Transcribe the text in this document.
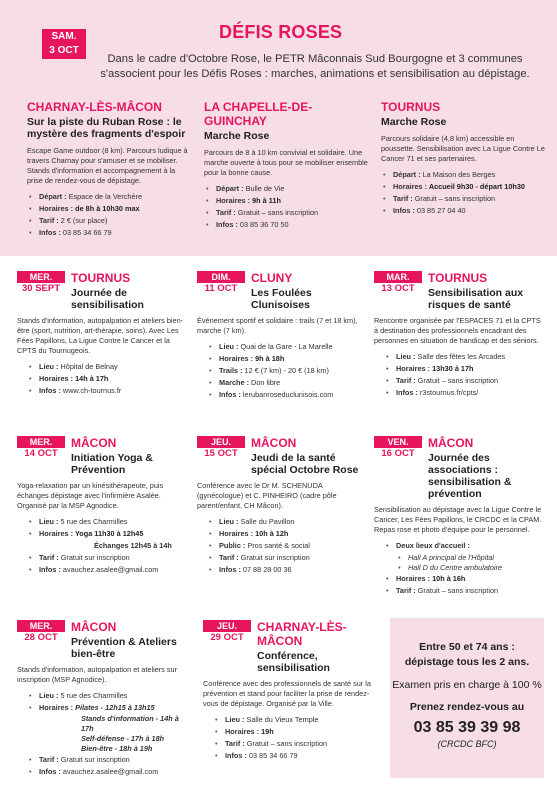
SAM.
3 OCT
DÉFIS ROSES
Dans le cadre d'Octobre Rose, le PETR Mâconnais Sud Bourgogne et 3 communes s'associent pour les Défis Roses : marches, animations et sensibilisation au dépistage.
CHARNAY-LÈS-MÂCON
Sur la piste du Ruban Rose : le mystère des fragments d'espoir
Escape Game outdoor (8 km). Parcours ludique à travers Charnay pour s'amuser et se mobiliser. Stands d'information et accompagnement à la prise de rendez-vous de dépistage.
• Départ : Espace de la Verchère
• Horaires : de 8h à 10h30 max
• Tarif : 2 € (sur place)
• Infos : 03 85 34 66 79
LA CHAPELLE-DE-GUINCHAY
Marche Rose
Parcours de 8 à 10 km convivial et solidaire. Une marche ouverte à tous pour se mobiliser ensemble pour la bonne cause.
• Départ : Bulle de Vie
• Horaires : 9h à 11h
• Tarif : Gratuit – sans inscription
• Infos : 03 85 36 70 50
TOURNUS
Marche Rose
Parcours solidaire (4,8 km) accessible en poussette. Sensibilisation avec La Ligue Contre Le Cancer 71 et ses partenaires.
• Départ : La Maison des Berges
• Horaires : Accueil 9h30 - départ 10h30
• Tarif : Gratuit – sans inscription
• Infos : 03 85 27 04 40
MER.
30 SEPT
TOURNUS
Journée de sensibilisation
Stands d'information, autopalpation et ateliers bien-être (sport, nutrition, art-thérapie, soins). Avec Les Fées Papillons, La Ligue Contre le Cancer et la CPTS du Tournugeois.
• Lieu : Hôpital de Belnay
• Horaires : 14h à 17h
• Infos : www.ch-tournus.fr
DIM.
11 OCT
CLUNY
Les Foulées Clunisoises
Événement sportif et solidaire : trails (7 et 18 km), marche (7 km).
• Lieu : Quai de la Gare - La Marelle
• Horaires : 9h à 18h
• Trails : 12 € (7 km) - 20 € (18 km)
• Marche : Don libre
• Infos : lerubanroseduclunisois.com
MAR.
13 OCT
TOURNUS
Sensibilisation aux risques de santé
Rencontre organisée par l'ESPACES 71 et la CPTS à destination des professionnels encadrant des personnes en situation de handicap et des séniors.
• Lieu : Salle des fêtes les Arcades
• Horaires : 13h30 à 17h
• Tarif : Gratuit – sans inscription
• Infos : r3stournus.fr/cpts/
MER.
14 OCT
MÂCON
Initiation Yoga & Prévention
Yoga-relaxation par un kinésithérapeute, puis échanges dépistage avec l'infirmière Asalée. Organisé par la MSP Agnodice.
• Lieu : 5 rue des Charmilles
• Horaires : Yoga 11h30 à 12h45
Échanges 12h45 à 14h
• Tarif : Gratuit sur inscription
• Infos : avauchez.asalee@gmail.com
JEU.
15 OCT
MÂCON
Jeudi de la santé spécial Octobre Rose
Conférence avec le Dr M. SCHENUDA (gynécologue) et C. PINHEIRO (cadre pôle parent/enfant, CH Mâcon).
• Lieu : Salle du Pavillon
• Horaires : 10h à 12h
• Public : Pros santé & social
• Tarif : Gratuit sur inscription
• Infos : 07 88 28 00 36
VEN.
16 OCT
MÂCON
Journée des associations : sensibilisation & prévention
Sensibilisation au dépistage avec la Ligue Contre le Cancer, Les Fées Papillons, le CRCDC et la CPAM. Repas rose et photo d'équipe pour le personnel.
• Deux lieux d'accueil :
• Hall A principal de l'Hôpital
• Hall D du Centre ambulatoire
• Horaires : 10h à 16h
• Tarif : Gratuit – sans inscription
MER.
28 OCT
MÂCON
Prévention & Ateliers bien-être
Stands d'information, autopalpation et ateliers sur inscription (MSP Agnodice).
• Lieu : 5 rue des Charmilles
• Horaires : Pilates - 12h15 à 13h15
Stands d'information - 14h à 17h
Self-défense - 17h à 18h
Bien-être - 18h à 19h
• Tarif : Gratuit sur inscription
• Infos : avauchez.asalee@gmail.com
JEU.
29 OCT
CHARNAY-LÈS-MÂCON
Conférence, sensibilisation
Conférence avec des professionnels de santé sur la prévention et stand pour faciliter la prise de rendez-vous de dépistage. Organisé par la Ville.
• Lieu : Salle du Vieux Temple
• Horaires : 19h
• Tarif : Gratuit – sans inscription
• Infos : 03 85 34 66 79
Entre 50 et 74 ans :
dépistage tous les 2 ans.
Examen pris en charge à 100 %
Prenez rendez-vous au
03 85 39 39 98
(CRCDC BFC)
